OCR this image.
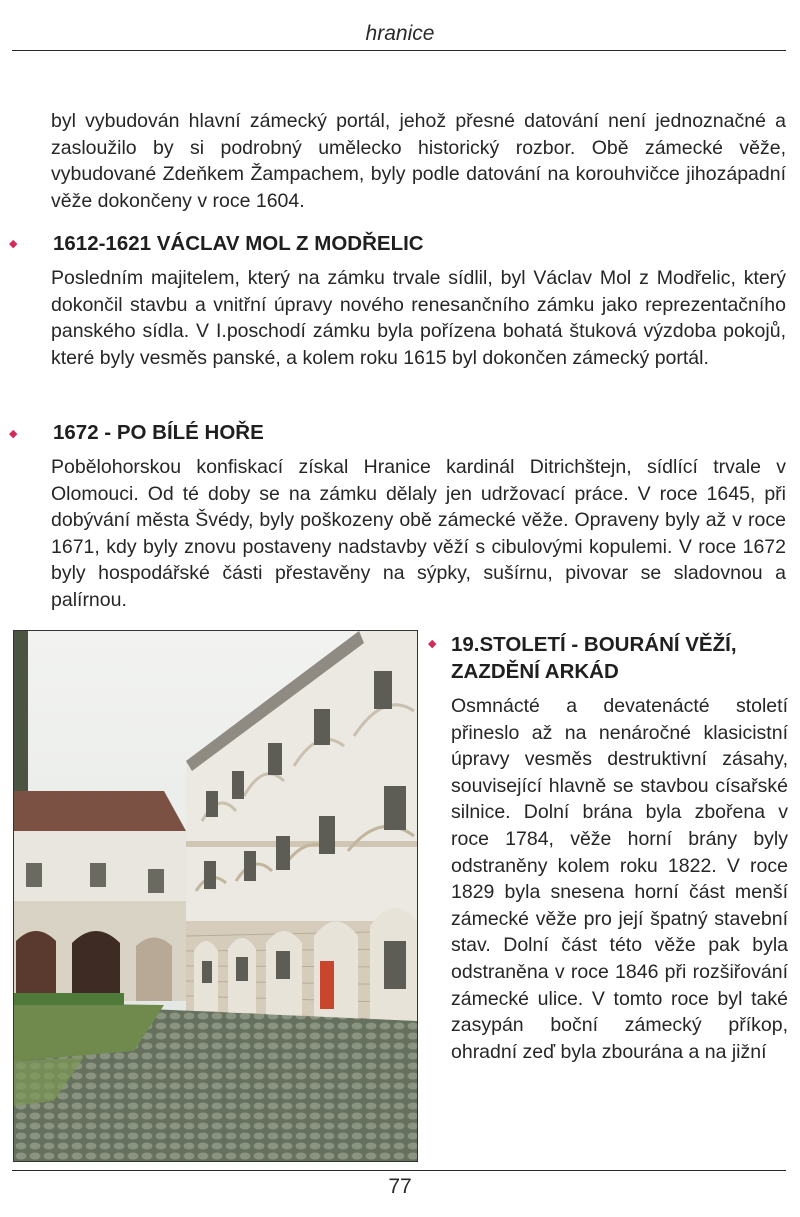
hranice

byl vybudován hlavní zámecký portál, jehož přesné datování není jednoznačné a zasloužilo by si podrobný umělecko historický rozbor. Obě zámecké věže, vybudované Zdeňkem Žampachem, byly podle datování na korouhvičce jihozápadní věže dokončeny v roce 1604.

◆ 1612-1621 VÁCLAV MOL Z MODŘELIC

Posledním majitelem, který na zámku trvale sídlil, byl Václav Mol z Modřelic, který dokončil stavbu a vnitřní úpravy nového renesančního zámku jako reprezentačního panského sídla. V I.poschodí zámku byla pořízena bohatá štuková výzdoba pokojů, které byly vesměs panské, a kolem roku 1615 byl dokončen zámecký portál.

◆ 1672 - PO BÍLÉ HOŘE

Pobělohorskou konfiskací získal Hranice kardinál Ditrichštejn, sídlící trvale v Olomouci. Od té doby se na zámku dělaly jen udržovací práce. V roce 1645, při dobývání města Švédy, byly poškozeny obě zámecké věže. Opraveny byly až v roce 1671, kdy byly znovu postaveny nadstavby věží s cibulovými kopulemi. V roce 1672 byly hospodářské části přestavěny na sýpky, sušírnu, pivovar se sladovnou a palírnou.

◆ 19.STOLETÍ - BOURÁNÍ VĚŽÍ, ZAZDĚNÍ ARKÁD

Osmnácté a devatenácté století přineslo až na nenáročné klasicistní úpravy vesměs destruktivní zásahy, související hlavně se stavbou císařské silnice. Dolní brána byla zbořena v roce 1784, věže horní brány byly odstraněny kolem roku 1822. V roce 1829 byla snesena horní část menší zámecké věže pro její špatný stavební stav. Dolní část této věže pak byla odstraněna v roce 1846 při rozšiřování zámecké ulice. V tomto roce byl také zasypán boční zámecký příkop, ohradní zeď byla zbourána a na jižní

77
